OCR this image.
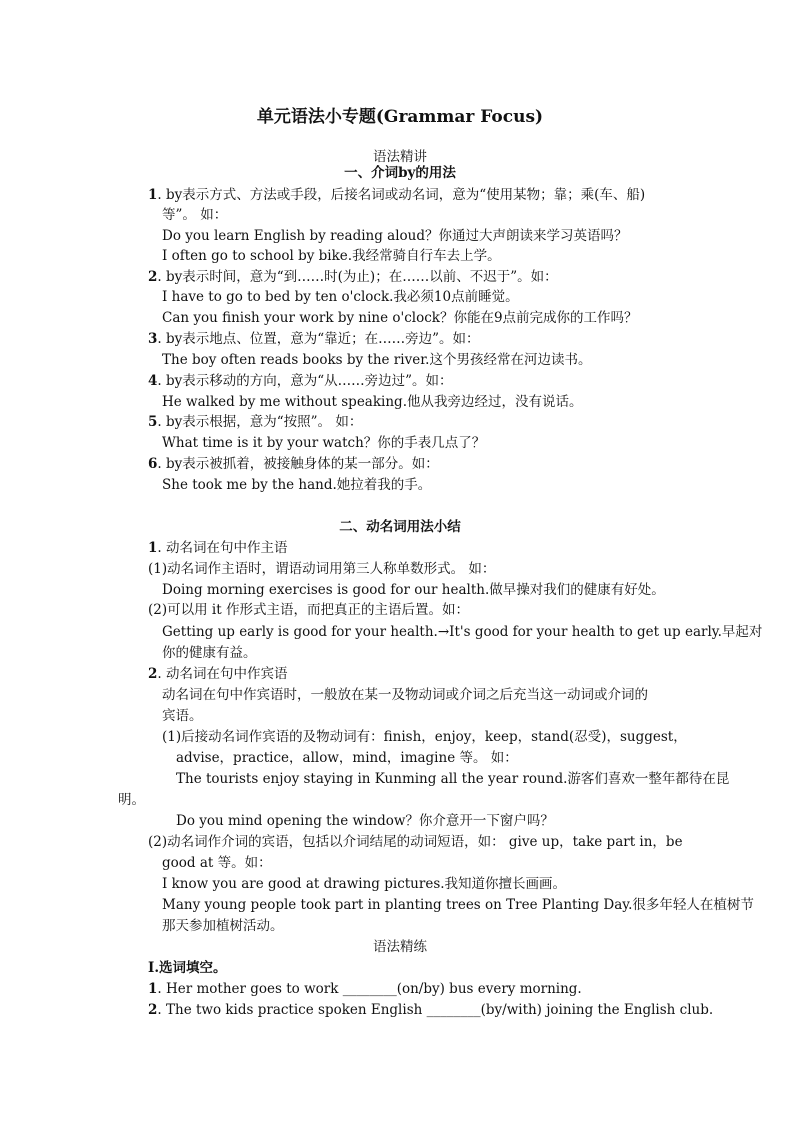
单元语法小专题(Grammar Focus)
语法精讲
一、介词by的用法
1. by表示方式、方法或手段，后接名词或动名词，意为“使用某物；靠；乘(车、船)
等”。 如：
Do you learn English by reading aloud？你通过大声朗读来学习英语吗？
I often go to school by bike.我经常骑自行车去上学。
2. by表示时间，意为“到……时(为止)；在……以前、不迟于”。如：
I have to go to bed by ten o'clock.我必须10点前睡觉。
Can you finish your work by nine o'clock？你能在9点前完成你的工作吗？
3. by表示地点、位置，意为“靠近；在……旁边”。如：
The boy often reads books by the river.这个男孩经常在河边读书。
4. by表示移动的方向，意为“从……旁边过”。如：
He walked by me without speaking.他从我旁边经过，没有说话。
5. by表示根据，意为“按照”。 如：
What time is it by your watch？你的手表几点了？
6. by表示被抓着，被接触身体的某一部分。如：
She took me by the hand.她拉着我的手。
二、动名词用法小结
1. 动名词在句中作主语
(1)动名词作主语时，谓语动词用第三人称单数形式。 如：
Doing morning exercises is good for our health.做早操对我们的健康有好处。
(2)可以用 it 作形式主语，而把真正的主语后置。如：
Getting up early is good for your health.→It's good for your health to get up early.早起对
你的健康有益。
2. 动名词在句中作宾语
动名词在句中作宾语时，一般放在某一及物动词或介词之后充当这一动词或介词的
宾语。
(1)后接动名词作宾语的及物动词有：finish，enjoy，keep，stand(忍受)，suggest，
advise，practice，allow，mind，imagine 等。 如：
The tourists enjoy staying in Kunming all the year round.游客们喜欢一整年都待在昆
明。
Do you mind opening the window？你介意开一下窗户吗？
(2)动名词作介词的宾语，包括以介词结尾的动词短语，如： give up，take part in，be
good at 等。如：
I know you are good at drawing pictures.我知道你擅长画画。
Many young people took part in planting trees on Tree Planting Day.很多年轻人在植树节
那天参加植树活动。
语法精练
Ⅰ.选词填空。
1. Her mother goes to work ________(on/by) bus every morning.
2. The two kids practice spoken English ________(by/with) joining the English club.
